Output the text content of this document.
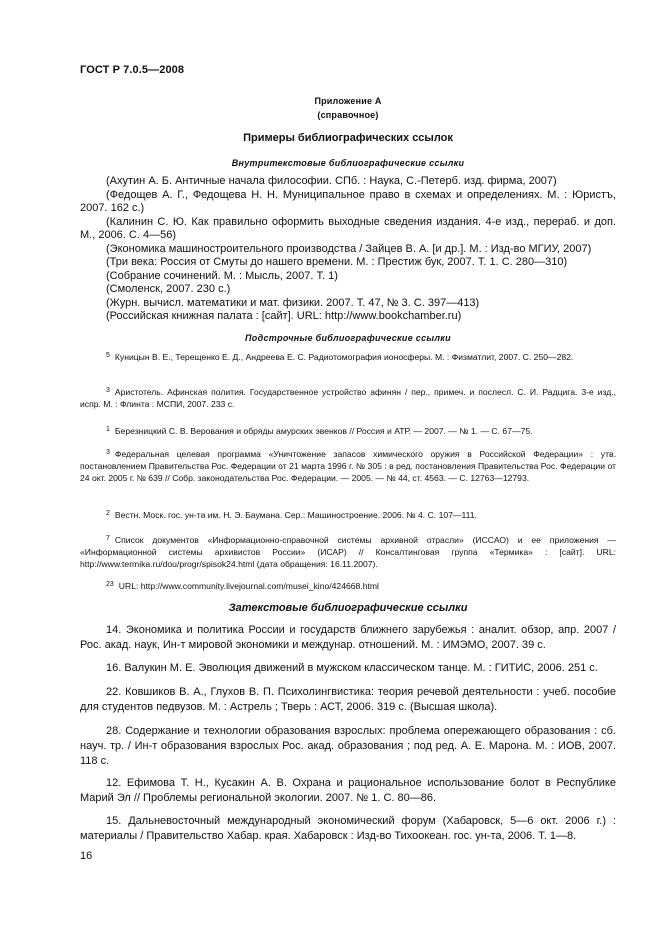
ГОСТ Р 7.0.5—2008
Приложение А
(справочное)
Примеры библиографических ссылок
Внутритекстовые библиографические ссылки

(Ахутин А. Б. Античные начала философии. СПб. : Наука, С.-Петерб. изд. фирма, 2007)

(Федощев А. Г., Федощева Н. Н. Муниципальное право в схемах и определениях. М. : Юристъ, 2007. 162 с.)

(Калинин С. Ю. Как правильно оформить выходные сведения издания. 4-е изд., перераб. и доп. М., 2006. С. 4—56)

(Экономика машиностроительного производства / Зайцев В. А. [и др.]. М. : Изд-во МГИУ, 2007)

(Три века: Россия от Смуты до нашего времени. М. : Престиж бук, 2007. Т. 1. С. 280—310)

(Собрание сочинений. М. : Мысль, 2007. Т. 1)

(Смоленск, 2007. 230 с.)

(Журн. вычисл. математики и мат. физики. 2007. Т. 47, № 3. С. 397—413)

(Российская книжная палата : [сайт]. URL: http://www.bookchamber.ru)

Подстрочные библиографические ссылки

$^5$ Куницын В. Е., Терещенко Е. Д., Андреева Е. С. Радиотомография ионосферы. М. : Физматлит, 2007. С. 250—282.

$^3$ Аристотель. Афинская полития. Государственное устройство афинян / пер., примеч. и послесл. С. И. Радцига. 3-е изд., испр. М. : Флинта : МСПИ, 2007. 233 с.

$^1$ Березницкий С. В. Верования и обряды амурских эвенков // Россия и АТР. — 2007. — № 1. — С. 67—75.

$^3$ Федеральная целевая программа «Уничтожение запасов химического оружия в Российской Федерации» : утв. постановлением Правительства Рос. Федерации от 21 марта 1996 г. № 305 : в ред. постановления Правительства Рос. Федерации от 24 окт. 2005 г. № 639 // Собр. законодательства Рос. Федерации. — 2005. — № 44, ст. 4563. — С. 12763—12793.

$^2$ Вестн. Моск. гос. ун-та им. Н. Э. Баумана. Сер.: Машиностроение. 2006. № 4. С. 107—111.

$^7$ Список документов «Информационно-справочной системы архивной отрасли» (ИССАО) и ее приложения — «Информационной системы архивистов России» (ИСАР) // Консалтинговая группа «Термика» : [сайт]. URL: http://www.termika.ru/dou/progr/spisok24.html (дата обращения: 16.11.2007).

$^{23}$ URL: http://www.community.livejournal.com/musei_kino/424668.html

Затекстовые библиографические ссылки

14. Экономика и политика России и государств ближнего зарубежья : аналит. обзор, апр. 2007 / Рос. акад. наук, Ин-т мировой экономики и междунар. отношений. М. : ИМЭМО, 2007. 39 с.

16. Валукин М. Е. Эволюция движений в мужском классическом танце. М. : ГИТИС, 2006. 251 с.

22. Ковшиков В. А., Глухов В. П. Психолингвистика: теория речевой деятельности : учеб. пособие для студентов педвузов. М. : Астрель ; Тверь : АСТ, 2006. 319 с. (Высшая школа).

28. Содержание и технологии образования взрослых: проблема опережающего образования : сб. науч. тр. / Ин-т образования взрослых Рос. акад. образования ; под ред. А. Е. Марона. М. : ИОВ, 2007. 118 с.

12. Ефимова Т. Н., Кусакин А. В. Охрана и рациональное использование болот в Республике Марий Эл // Проблемы региональной экологии. 2007. № 1. С. 80—86.

15. Дальневосточный международный экономический форум (Хабаровск, 5—6 окт. 2006 г.) : материалы / Правительство Хабар. края. Хабаровск : Изд-во Тихоокеан. гос. ун-та, 2006. Т. 1—8.

16
